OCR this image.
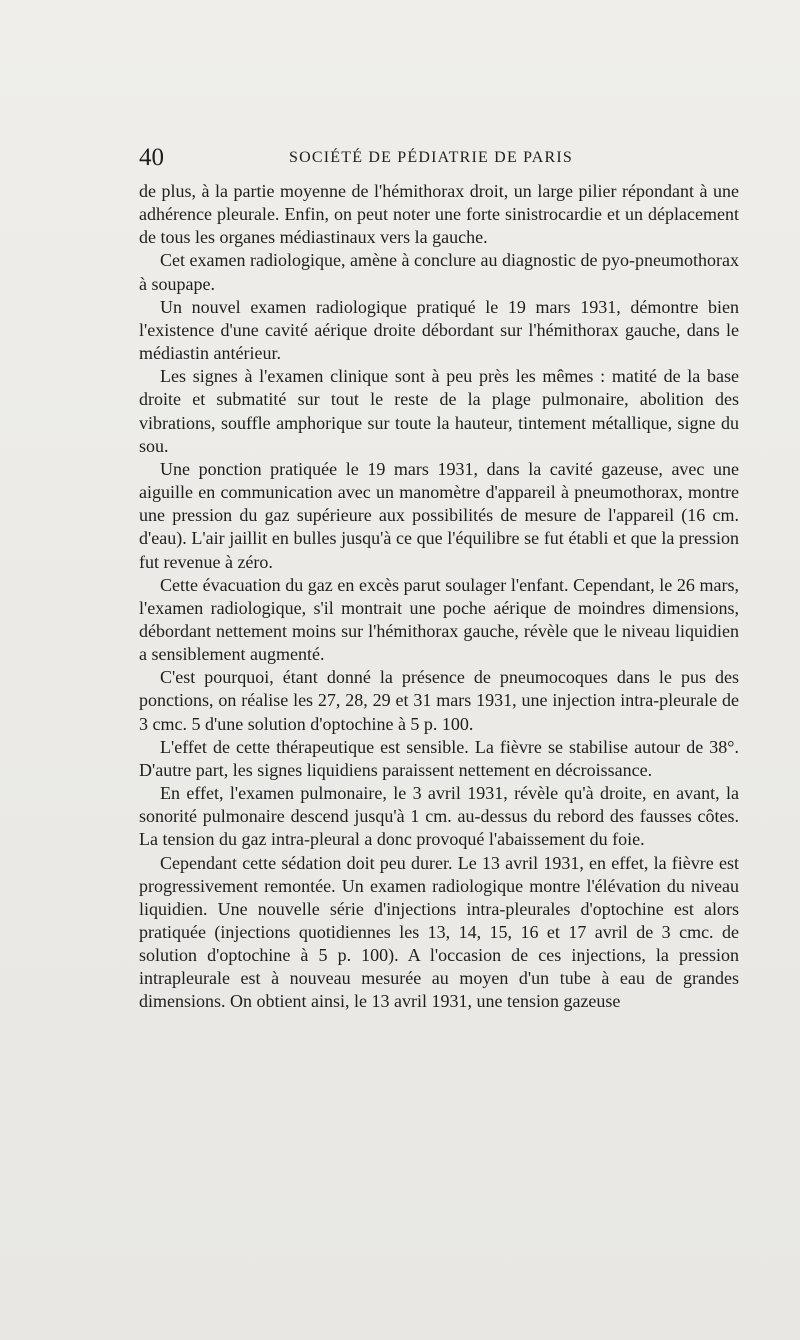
40	SOCIÉTÉ DE PÉDIATRIE DE PARIS

de plus, à la partie moyenne de l'hémithorax droit, un large pilier répondant à une adhérence pleurale. Enfin, on peut noter une forte sinistrocardie et un déplacement de tous les organes médiastinaux vers la gauche.

Cet examen radiologique, amène à conclure au diagnostic de pyo-pneumothorax à soupape.

Un nouvel examen radiologique pratiqué le 19 mars 1931, démontre bien l'existence d'une cavité aérique droite débordant sur l'hémithorax gauche, dans le médiastin antérieur.

Les signes à l'examen clinique sont à peu près les mêmes : matité de la base droite et submatité sur tout le reste de la plage pulmonaire, abolition des vibrations, souffle amphorique sur toute la hauteur, tintement métallique, signe du sou.

Une ponction pratiquée le 19 mars 1931, dans la cavité gazeuse, avec une aiguille en communication avec un manomètre d'appareil à pneumothorax, montre une pression du gaz supérieure aux possibilités de mesure de l'appareil (16 cm. d'eau). L'air jaillit en bulles jusqu'à ce que l'équilibre se fut établi et que la pression fut revenue à zéro.

Cette évacuation du gaz en excès parut soulager l'enfant. Cependant, le 26 mars, l'examen radiologique, s'il montrait une poche aérique de moindres dimensions, débordant nettement moins sur l'hémithorax gauche, révèle que le niveau liquidien a sensiblement augmenté.

C'est pourquoi, étant donné la présence de pneumocoques dans le pus des ponctions, on réalise les 27, 28, 29 et 31 mars 1931, une injection intra-pleurale de 3 cmc. 5 d'une solution d'optochine à 5 p. 100.

L'effet de cette thérapeutique est sensible. La fièvre se stabilise autour de 38°. D'autre part, les signes liquidiens paraissent nettement en décroissance.

En effet, l'examen pulmonaire, le 3 avril 1931, révèle qu'à droite, en avant, la sonorité pulmonaire descend jusqu'à 1 cm. au-dessus du rebord des fausses côtes. La tension du gaz intra-pleural a donc provoqué l'abaissement du foie.

Cependant cette sédation doit peu durer. Le 13 avril 1931, en effet, la fièvre est progressivement remontée. Un examen radiologique montre l'élévation du niveau liquidien. Une nouvelle série d'injections intra-pleurales d'optochine est alors pratiquée (injections quotidiennes les 13, 14, 15, 16 et 17 avril de 3 cmc. de solution d'optochine à 5 p. 100). A l'occasion de ces injections, la pression intrapleurale est à nouveau mesurée au moyen d'un tube à eau de grandes dimensions. On obtient ainsi, le 13 avril 1931, une tension gazeuse
